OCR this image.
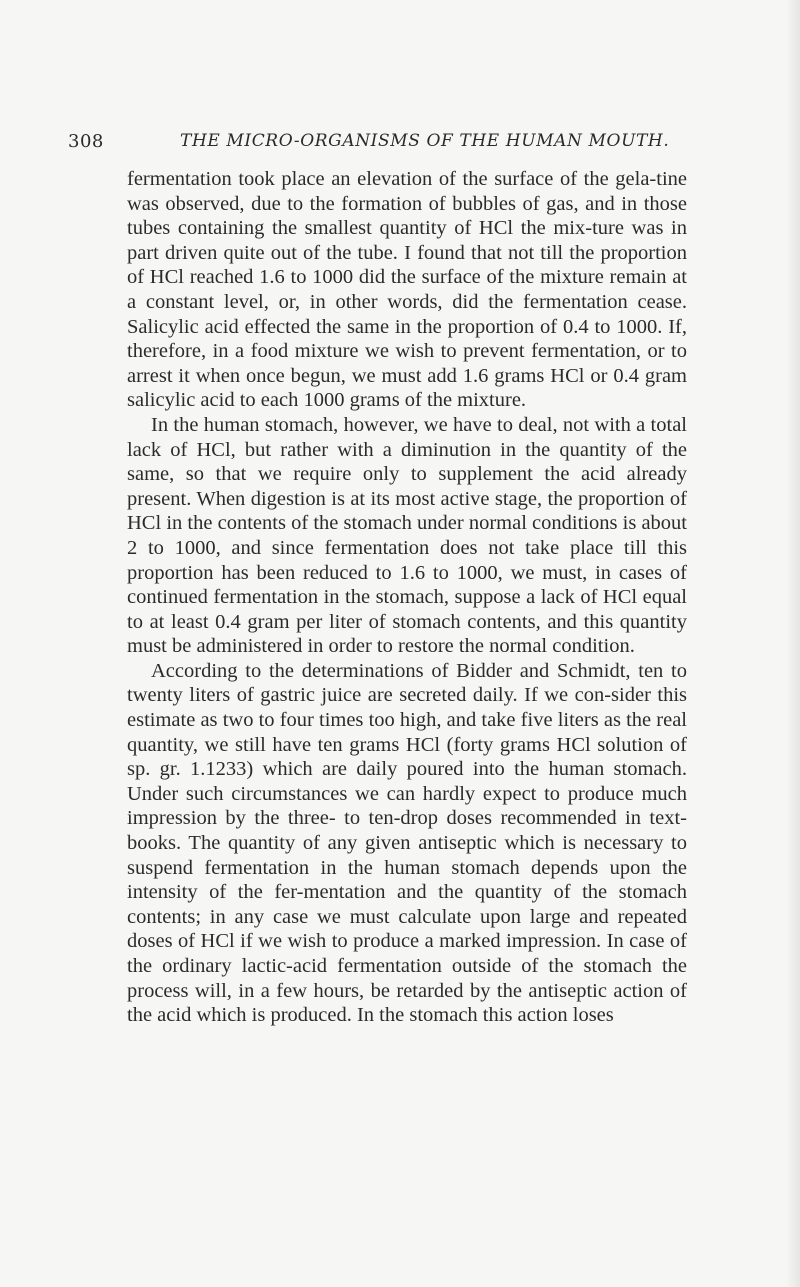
308	THE MICRO-ORGANISMS OF THE HUMAN MOUTH.

fermentation took place an elevation of the surface of the gela-tine was observed, due to the formation of bubbles of gas, and in those tubes containing the smallest quantity of HCl the mix-ture was in part driven quite out of the tube. I found that not till the proportion of HCl reached 1.6 to 1000 did the surface of the mixture remain at a constant level, or, in other words, did the fermentation cease. Salicylic acid effected the same in the proportion of 0.4 to 1000. If, therefore, in a food mixture we wish to prevent fermentation, or to arrest it when once begun, we must add 1.6 grams HCl or 0.4 gram salicylic acid to each 1000 grams of the mixture.

In the human stomach, however, we have to deal, not with a total lack of HCl, but rather with a diminution in the quantity of the same, so that we require only to supplement the acid already present. When digestion is at its most active stage, the proportion of HCl in the contents of the stomach under normal conditions is about 2 to 1000, and since fermentation does not take place till this proportion has been reduced to 1.6 to 1000, we must, in cases of continued fermentation in the stomach, suppose a lack of HCl equal to at least 0.4 gram per liter of stomach contents, and this quantity must be administered in order to restore the normal condition.

According to the determinations of Bidder and Schmidt, ten to twenty liters of gastric juice are secreted daily. If we con-sider this estimate as two to four times too high, and take five liters as the real quantity, we still have ten grams HCl (forty grams HCl solution of sp. gr. 1.1233) which are daily poured into the human stomach. Under such circumstances we can hardly expect to produce much impression by the three- to ten-drop doses recommended in text-books. The quantity of any given antiseptic which is necessary to suspend fermentation in the human stomach depends upon the intensity of the fer-mentation and the quantity of the stomach contents; in any case we must calculate upon large and repeated doses of HCl if we wish to produce a marked impression. In case of the ordinary lactic-acid fermentation outside of the stomach the process will, in a few hours, be retarded by the antiseptic action of the acid which is produced. In the stomach this action loses
